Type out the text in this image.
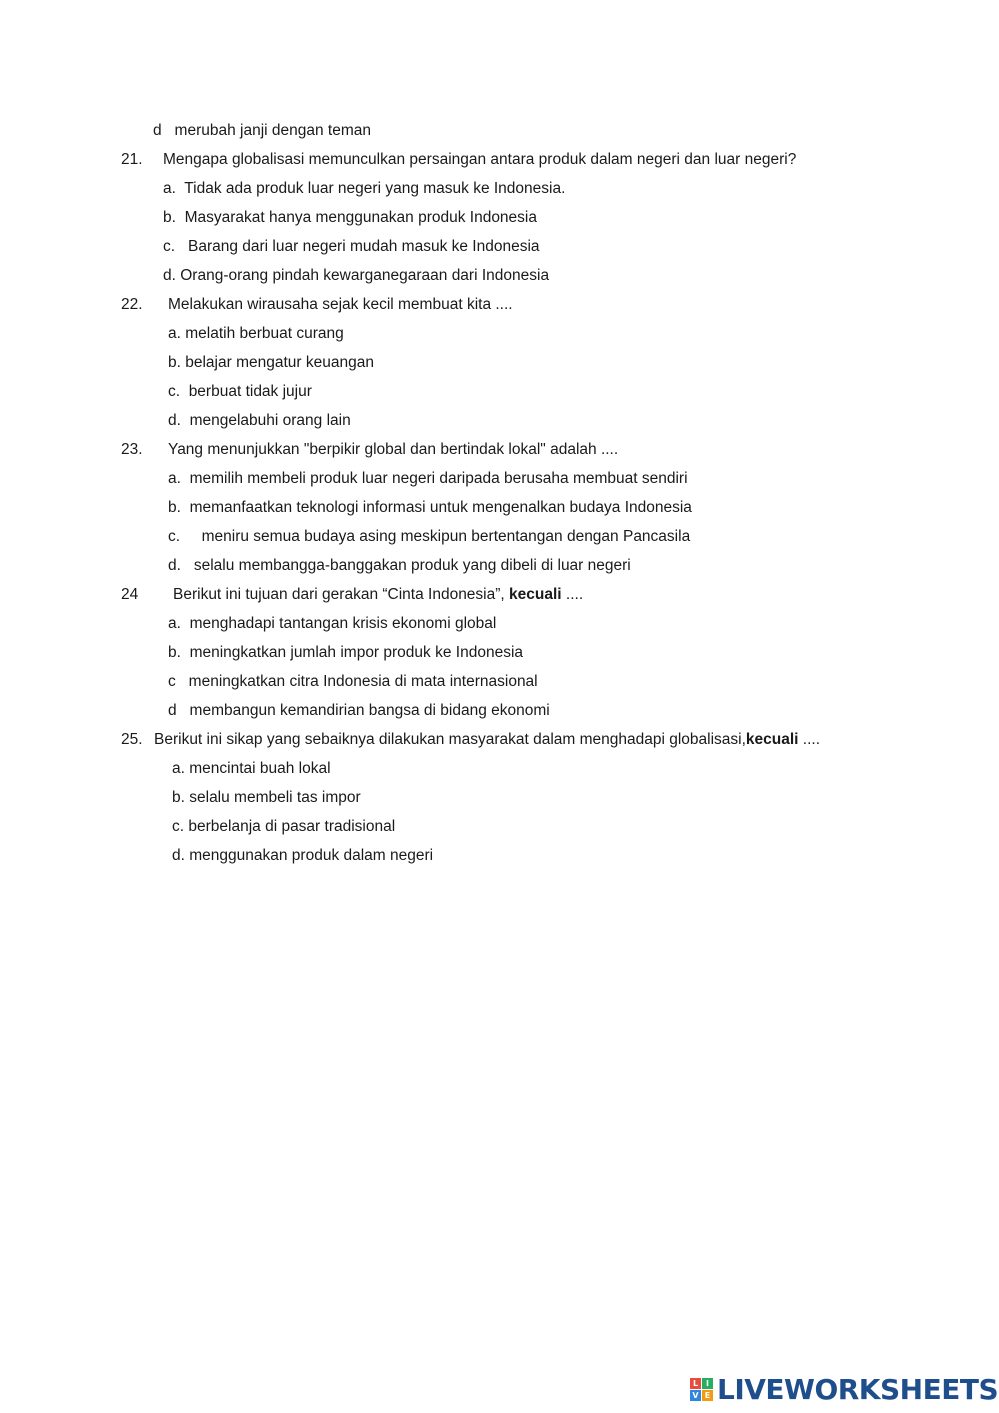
d merubah janji dengan teman
21. Mengapa globalisasi memunculkan persaingan antara produk dalam negeri dan luar negeri?
a. Tidak ada produk luar negeri yang masuk ke Indonesia.
b. Masyarakat hanya menggunakan produk Indonesia
c. Barang dari luar negeri mudah masuk ke Indonesia
d. Orang-orang pindah kewarganegaraan dari Indonesia
22. Melakukan wirausaha sejak kecil membuat kita ....
a. melatih berbuat curang
b. belajar mengatur keuangan
c. berbuat tidak jujur
d. mengelabuhi orang lain
23. Yang menunjukkan "berpikir global dan bertindak lokal" adalah ....
a. memilih membeli produk luar negeri daripada berusaha membuat sendiri
b. memanfaatkan teknologi informasi untuk mengenalkan budaya Indonesia
c. meniru semua budaya asing meskipun bertentangan dengan Pancasila
d. selalu membangga-banggakan produk yang dibeli di luar negeri
24 Berikut ini tujuan dari gerakan “Cinta Indonesia”, kecuali ....
a. menghadapi tantangan krisis ekonomi global
b. meningkatkan jumlah impor produk ke Indonesia
c meningkatkan citra Indonesia di mata internasional
d membangun kemandirian bangsa di bidang ekonomi
25. Berikut ini sikap yang sebaiknya dilakukan masyarakat dalam menghadapi globalisasi,kecuali ....
a. mencintai buah lokal
b. selalu membeli tas impor
c. berbelanja di pasar tradisional
d. menggunakan produk dalam negeri
L I
V E LIVEWORKSHEETS
